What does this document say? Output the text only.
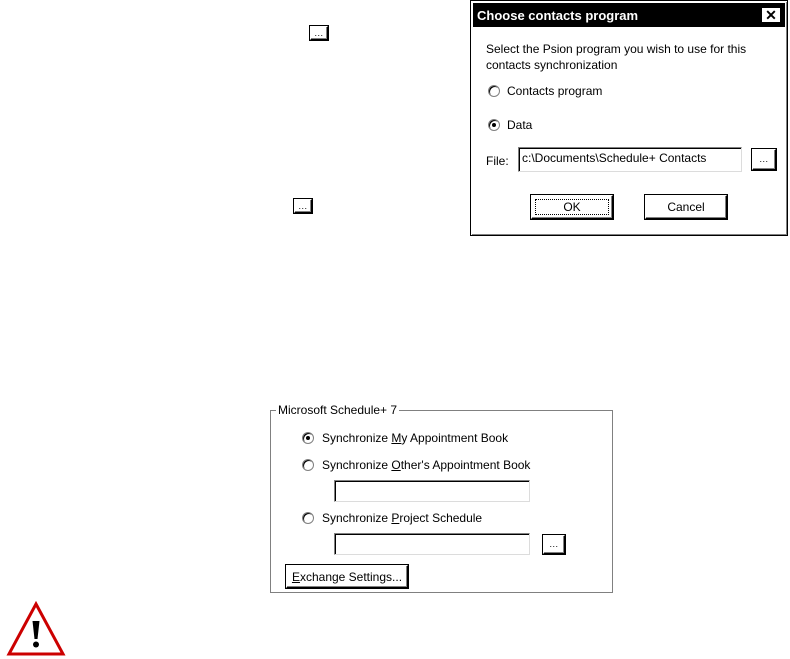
...
...
Choose contacts program	✕
Select the Psion program you wish to use for this
contacts synchronization
Contacts program
Data
File:	c:\Documents\Schedule+ Contacts	...
OK	Cancel
Microsoft Schedule+ 7
Synchronize My Appointment Book
Synchronize Other's Appointment Book
Synchronize Project Schedule
...
E xchange Settings...
